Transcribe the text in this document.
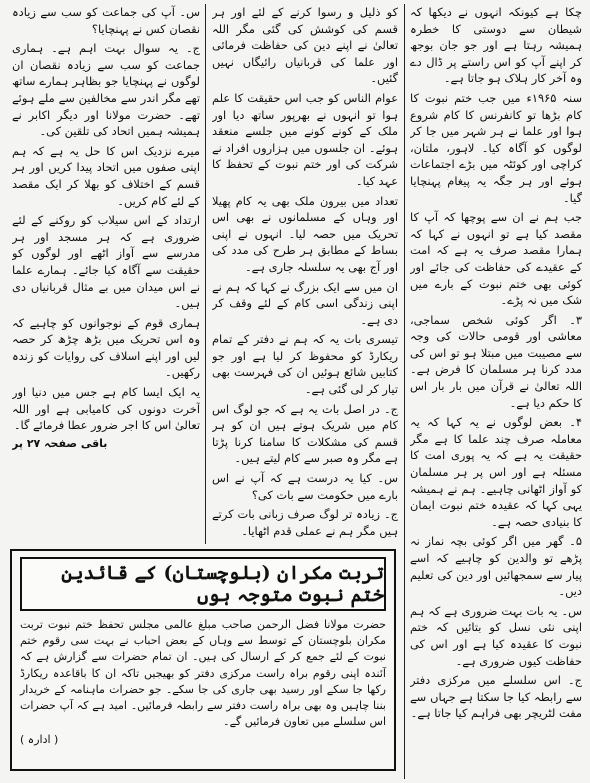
چکا ہے کیونکہ انہوں نے دیکھا کہ شیطان سے دوستی کا خطرہ ہمیشہ رہتا ہے اور جو جان بوجھ کر اپنے آپ کو اس راستے پر ڈال دے وہ آخر کار ہلاک ہو جاتا ہے۔

سنہ ۱۹۶۵ء میں جب ختم نبوت کا کام بڑھا تو کانفرنس کا کام شروع ہوا اور علما نے ہر شہر میں جا کر لوگوں کو آگاہ کیا۔ لاہور، ملتان، کراچی اور کوئٹہ میں بڑے اجتماعات ہوئے اور ہر جگہ یہ پیغام پہنچایا گیا۔

جب ہم نے ان سے پوچھا کہ آپ کا مقصد کیا ہے تو انہوں نے کہا کہ ہمارا مقصد صرف یہ ہے کہ امت کے عقیدے کی حفاظت کی جائے اور کوئی بھی ختم نبوت کے بارے میں شک میں نہ پڑے۔

۳۔ اگر کوئی شخص سماجی، معاشی اور قومی حالات کی وجہ سے مصیبت میں مبتلا ہو تو اس کی مدد کرنا ہر مسلمان کا فرض ہے۔ اللہ تعالیٰ نے قرآن میں بار بار اس کا حکم دیا ہے۔

۴۔ بعض لوگوں نے یہ کہا کہ یہ معاملہ صرف چند علما کا ہے مگر حقیقت یہ ہے کہ یہ پوری امت کا مسئلہ ہے اور اس پر ہر مسلمان کو آواز اٹھانی چاہیے۔ ہم نے ہمیشہ یہی کہا کہ عقیدہ ختم نبوت ایمان کا بنیادی حصہ ہے۔

۵۔ گھر میں اگر کوئی بچہ نماز نہ پڑھے تو والدین کو چاہیے کہ اسے پیار سے سمجھائیں اور دین کی تعلیم دیں۔

س۔ یہ بات بہت ضروری ہے کہ ہم اپنی نئی نسل کو بتائیں کہ ختم نبوت کا عقیدہ کیا ہے اور اس کی حفاظت کیوں ضروری ہے۔

ج۔ اس سلسلے میں مرکزی دفتر سے رابطہ کیا جا سکتا ہے جہاں سے مفت لٹریچر بھی فراہم کیا جاتا ہے۔

کو ذلیل و رسوا کرنے کے لئے اور ہر قسم کی کوشش کی گئی مگر اللہ تعالیٰ نے اپنے دین کی حفاظت فرمائی اور علما کی قربانیاں رائیگاں نہیں گئیں۔

عوام الناس کو جب اس حقیقت کا علم ہوا تو انہوں نے بھرپور ساتھ دیا اور ملک کے کونے کونے میں جلسے منعقد ہوئے۔ ان جلسوں میں ہزاروں افراد نے شرکت کی اور ختم نبوت کے تحفظ کا عہد کیا۔

تعداد میں بیرون ملک بھی یہ کام پھیلا اور وہاں کے مسلمانوں نے بھی اس تحریک میں حصہ لیا۔ انہوں نے اپنی بساط کے مطابق ہر طرح کی مدد کی اور آج بھی یہ سلسلہ جاری ہے۔

ان میں سے ایک بزرگ نے کہا کہ ہم نے اپنی زندگی اسی کام کے لئے وقف کر دی ہے۔

تیسری بات یہ کہ ہم نے دفتر کے تمام ریکارڈ کو محفوظ کر لیا ہے اور جو کتابیں شائع ہوئیں ان کی فہرست بھی تیار کر لی گئی ہے۔

ج۔ در اصل بات یہ ہے کہ جو لوگ اس کام میں شریک ہوتے ہیں ان کو ہر قسم کی مشکلات کا سامنا کرنا پڑتا ہے مگر وہ صبر سے کام لیتے ہیں۔

س۔ کیا یہ درست ہے کہ آپ نے اس بارے میں حکومت سے بات کی؟

ج۔ زیادہ تر لوگ صرف زبانی بات کرتے ہیں مگر ہم نے عملی قدم اٹھایا۔

س۔ آپ کی جماعت کو سب سے زیادہ نقصان کس نے پہنچایا؟

ج۔ یہ سوال بہت اہم ہے۔ ہماری جماعت کو سب سے زیادہ نقصان ان لوگوں نے پہنچایا جو بظاہر ہمارے ساتھ تھے مگر اندر سے مخالفین سے ملے ہوئے تھے۔ حضرت مولانا اور دیگر اکابر نے ہمیشہ ہمیں اتحاد کی تلقین کی۔

میرے نزدیک اس کا حل یہ ہے کہ ہم اپنی صفوں میں اتحاد پیدا کریں اور ہر قسم کے اختلاف کو بھلا کر ایک مقصد کے لئے کام کریں۔

ارتداد کے اس سیلاب کو روکنے کے لئے ضروری ہے کہ ہر مسجد اور ہر مدرسے سے آواز اٹھے اور لوگوں کو حقیقت سے آگاہ کیا جائے۔ ہمارے علما نے اس میدان میں بے مثال قربانیاں دی ہیں۔

ہماری قوم کے نوجوانوں کو چاہیے کہ وہ اس تحریک میں بڑھ چڑھ کر حصہ لیں اور اپنے اسلاف کی روایات کو زندہ رکھیں۔

یہ ایک ایسا کام ہے جس میں دنیا اور آخرت دونوں کی کامیابی ہے اور اللہ تعالیٰ اس کا اجر ضرور عطا فرمائے گا۔

باقی صفحہ ۲۷ پر
تربت مکران (بلوچستان) کے قائدین ختم نبوت متوجہ ہوں

حضرت مولانا فضل الرحمن صاحب مبلغ عالمی مجلس تحفظ ختم نبوت تربت مکران بلوچستان کے توسط سے وہاں کے بعض احباب نے بہت سی رقوم ختم نبوت کے لئے جمع کر کے ارسال کی ہیں۔ ان تمام حضرات سے گزارش ہے کہ آئندہ اپنی رقوم براہ راست مرکزی دفتر کو بھیجیں تاکہ ان کا باقاعدہ ریکارڈ رکھا جا سکے اور رسید بھی جاری کی جا سکے۔ جو حضرات ماہنامہ کے خریدار بننا چاہیں وہ بھی براہ راست دفتر سے رابطہ فرمائیں۔ امید ہے کہ آپ حضرات اس سلسلے میں تعاون فرمائیں گے۔

( ادارہ )
